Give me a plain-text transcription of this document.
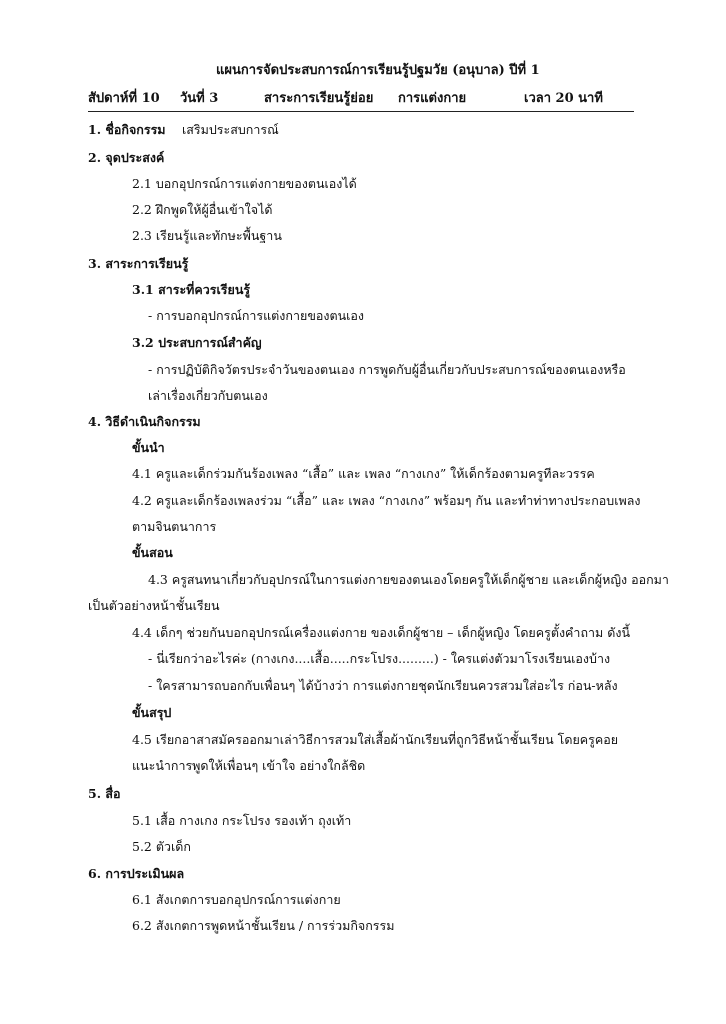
แผนการจัดประสบการณ์การเรียนรู้ปฐมวัย (อนุบาล) ปีที่ 1
สัปดาห์ที่ 10 วันที่ 3	สาระการเรียนรู้ย่อย การแต่งกาย	เวลา 20 นาที
1. ชื่อกิจกรรม เสริมประสบการณ์
2. จุดประสงค์
2.1 บอกอุปกรณ์การแต่งกายของตนเองได้
2.2 ฝึกพูดให้ผู้อื่นเข้าใจได้
2.3 เรียนรู้และทักษะพื้นฐาน
3. สาระการเรียนรู้
3.1 สาระที่ควรเรียนรู้
- การบอกอุปกรณ์การแต่งกายของตนเอง
3.2 ประสบการณ์สำคัญ
- การปฏิบัติกิจวัตรประจำวันของตนเอง การพูดกับผู้อื่นเกี่ยวกับประสบการณ์ของตนเองหรือ
เล่าเรื่องเกี่ยวกับตนเอง
4. วิธีดำเนินกิจกรรม
ขั้นนำ
4.1 ครูและเด็กร่วมกันร้องเพลง “เสื้อ” และ เพลง “กางเกง” ให้เด็กร้องตามครูทีละวรรค
4.2 ครูและเด็กร้องเพลงร่วม “เสื้อ” และ เพลง “กางเกง” พร้อมๆ กัน และทำท่าทางประกอบเพลง
ตามจินตนาการ
ขั้นสอน
4.3 ครูสนทนาเกี่ยวกับอุปกรณ์ในการแต่งกายของตนเองโดยครูให้เด็กผู้ชาย และเด็กผู้หญิง ออกมา
เป็นตัวอย่างหน้าชั้นเรียน
4.4 เด็กๆ ช่วยกันบอกอุปกรณ์เครื่องแต่งกาย ของเด็กผู้ชาย – เด็กผู้หญิง โดยครูตั้งคำถาม ดังนี้
- นี่เรียกว่าอะไรค่ะ (กางเกง....เสื้อ.....กระโปรง.........) - ใครแต่งตัวมาโรงเรียนเองบ้าง
- ใครสามารถบอกกับเพื่อนๆ ได้บ้างว่า การแต่งกายชุดนักเรียนควรสวมใส่อะไร ก่อน-หลัง
ขั้นสรุป
4.5 เรียกอาสาสมัครออกมาเล่าวิธีการสวมใส่เสื้อผ้านักเรียนที่ถูกวิธีหน้าชั้นเรียน โดยครูคอย
แนะนำการพูดให้เพื่อนๆ เข้าใจ อย่างใกล้ชิด
5. สื่อ
5.1 เสื้อ กางเกง กระโปรง รองเท้า ถุงเท้า
5.2 ตัวเด็ก
6. การประเมินผล
6.1 สังเกตการบอกอุปกรณ์การแต่งกาย
6.2 สังเกตการพูดหน้าชั้นเรียน / การร่วมกิจกรรม
